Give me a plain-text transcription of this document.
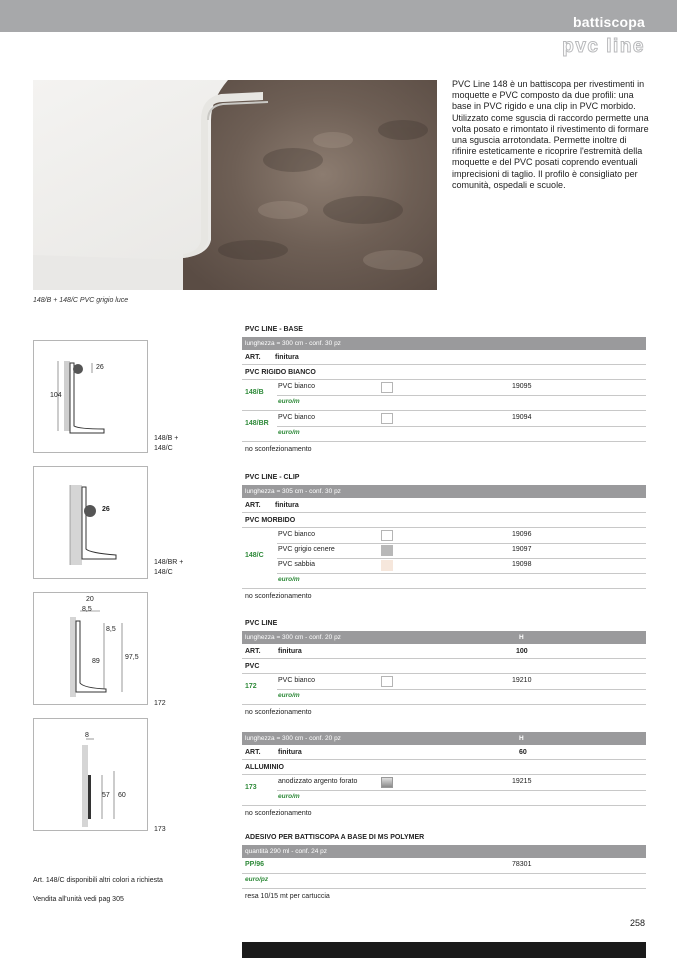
battiscopa
pvc line
148/B + 148/C PVC grigio luce
PVC Line 148 è un battiscopa per rivestimenti in moquette e PVC composto da due profili: una base in PVC rigido e una clip in PVC morbido. Utilizzato come sguscia di raccordo permette una volta posato e rimontato il rivestimento di formare una sguscia arrotondata. Permette inoltre di rifinire esteticamente e ricoprire l'estremità della moquette e del PVC posati coprendo eventuali imprecisioni di taglio. Il profilo è consigliato per comunità, ospedali e scuole.
104
26
148/B +
148/C
26
148/BR +
148/C
20
8,5
8,5
89
97,5
172
8
57 60
173
Art. 148/C disponibili altri colori a richiesta
Vendita all'unità vedi pag 305
PVC LINE - BASE
lunghezza = 300 cm - conf. 30 pz
ART.	finitura
PVC RIGIDO BIANCO
148/B
PVC bianco	19095
euro/m
148/BR
PVC bianco	19094
euro/m
no sconfezionamento
PVC LINE - CLIP
lunghezza = 305 cm - conf. 30 pz
ART.	finitura
PVC MORBIDO
148/C
PVC bianco	19096
PVC grigio cenere	19097
PVC sabbia	19098
euro/m
no sconfezionamento
PVC LINE
lunghezza = 300 cm - conf. 20 pz	H
ART. finitura	100
PVC
172
PVC bianco	19210
euro/m
no sconfezionamento
lunghezza = 300 cm - conf. 20 pz	H
ART. finitura	60
ALLUMINIO
173
anodizzato argento forato	19215
euro/m
no sconfezionamento
ADESIVO PER BATTISCOPA A BASE DI MS POLYMER
quantità 290 ml - conf. 24 pz
PP/96	78301
euro/pz
resa 10/15 mt per cartuccia
258
